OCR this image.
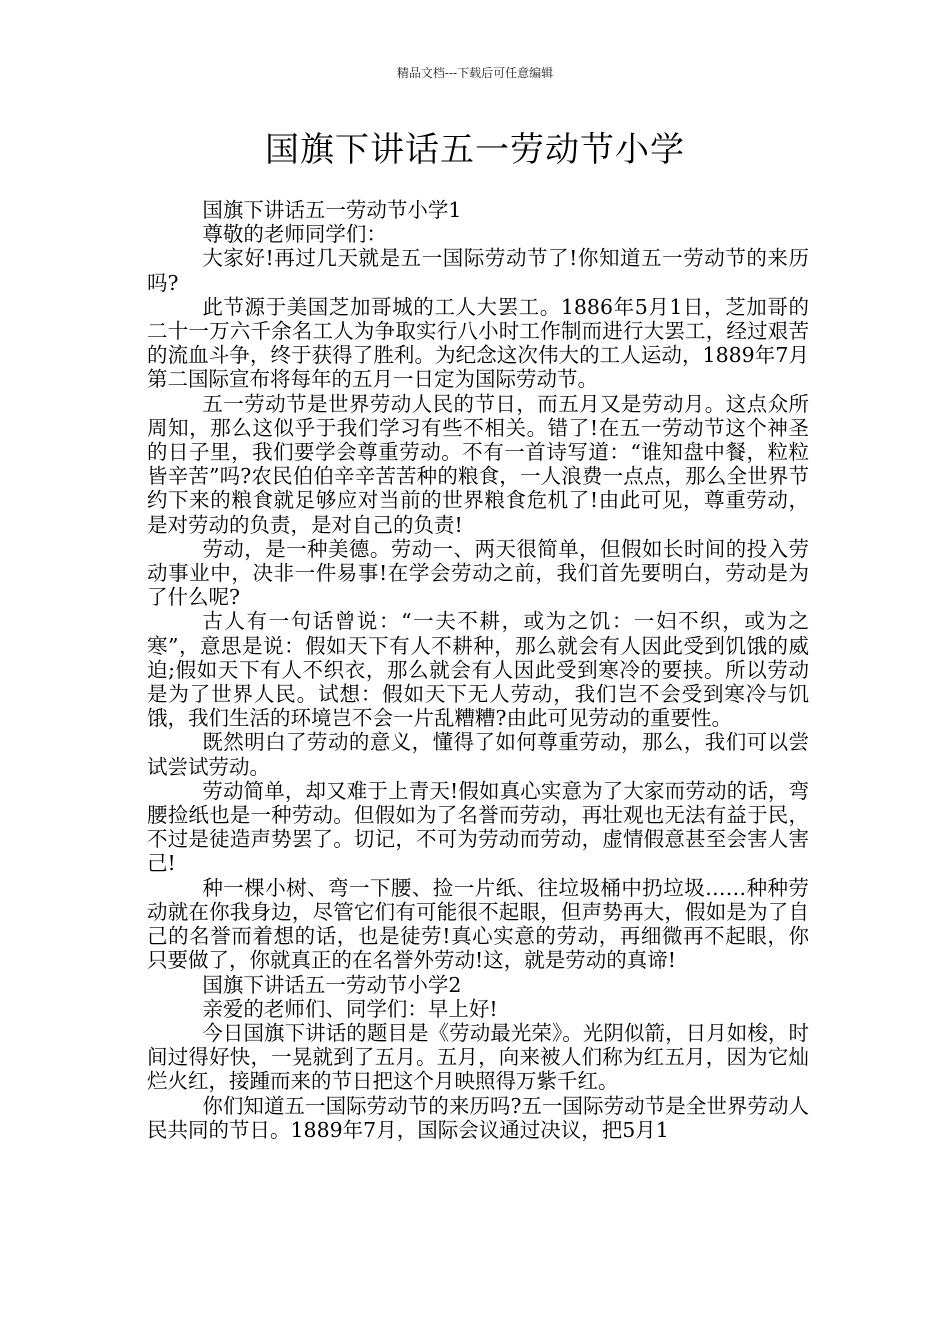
精品文档---下载后可任意编辑
国旗下讲话五一劳动节小学

国旗下讲话五一劳动节小学1

尊敬的老师同学们：

大家好!再过几天就是五一国际劳动节了!你知道五一劳动节的来历吗?

此节源于美国芝加哥城的工人大罢工。1886年5月1日，芝加哥的二十一万六千余名工人为争取实行八小时工作制而进行大罢工，经过艰苦的流血斗争，终于获得了胜利。为纪念这次伟大的工人运动，1889年7月第二国际宣布将每年的五月一日定为国际劳动节。

五一劳动节是世界劳动人民的节日，而五月又是劳动月。这点众所周知，那么这似乎于我们学习有些不相关。错了!在五一劳动节这个神圣的日子里，我们要学会尊重劳动。不有一首诗写道：“谁知盘中餐，粒粒皆辛苦”吗?农民伯伯辛辛苦苦种的粮食，一人浪费一点点，那么全世界节约下来的粮食就足够应对当前的世界粮食危机了!由此可见，尊重劳动，是对劳动的负责，是对自己的负责!

劳动，是一种美德。劳动一、两天很简单，但假如长时间的投入劳动事业中，决非一件易事!在学会劳动之前，我们首先要明白，劳动是为了什么呢?

古人有一句话曾说：“一夫不耕，或为之饥：一妇不织，或为之寒”，意思是说：假如天下有人不耕种，那么就会有人因此受到饥饿的威迫;假如天下有人不织衣，那么就会有人因此受到寒冷的要挟。所以劳动是为了世界人民。试想：假如天下无人劳动，我们岂不会受到寒冷与饥饿，我们生活的环境岂不会一片乱糟糟?由此可见劳动的重要性。

既然明白了劳动的意义，懂得了如何尊重劳动，那么，我们可以尝试尝试劳动。

劳动简单，却又难于上青天!假如真心实意为了大家而劳动的话，弯腰捡纸也是一种劳动。但假如为了名誉而劳动，再壮观也无法有益于民，不过是徒造声势罢了。切记，不可为劳动而劳动，虚情假意甚至会害人害己!

种一棵小树、弯一下腰、捡一片纸、往垃圾桶中扔垃圾……种种劳动就在你我身边，尽管它们有可能很不起眼，但声势再大，假如是为了自己的名誉而着想的话，也是徒劳!真心实意的劳动，再细微再不起眼，你只要做了，你就真正的在名誉外劳动!这，就是劳动的真谛!

国旗下讲话五一劳动节小学2

亲爱的老师们、同学们：早上好!

今日国旗下讲话的题目是《劳动最光荣》。光阴似箭，日月如梭，时间过得好快，一晃就到了五月。五月，向来被人们称为红五月，因为它灿烂火红，接踵而来的节日把这个月映照得万紫千红。

你们知道五一国际劳动节的来历吗?五一国际劳动节是全世界劳动人民共同的节日。1889年7月，国际会议通过决议，把5月1
